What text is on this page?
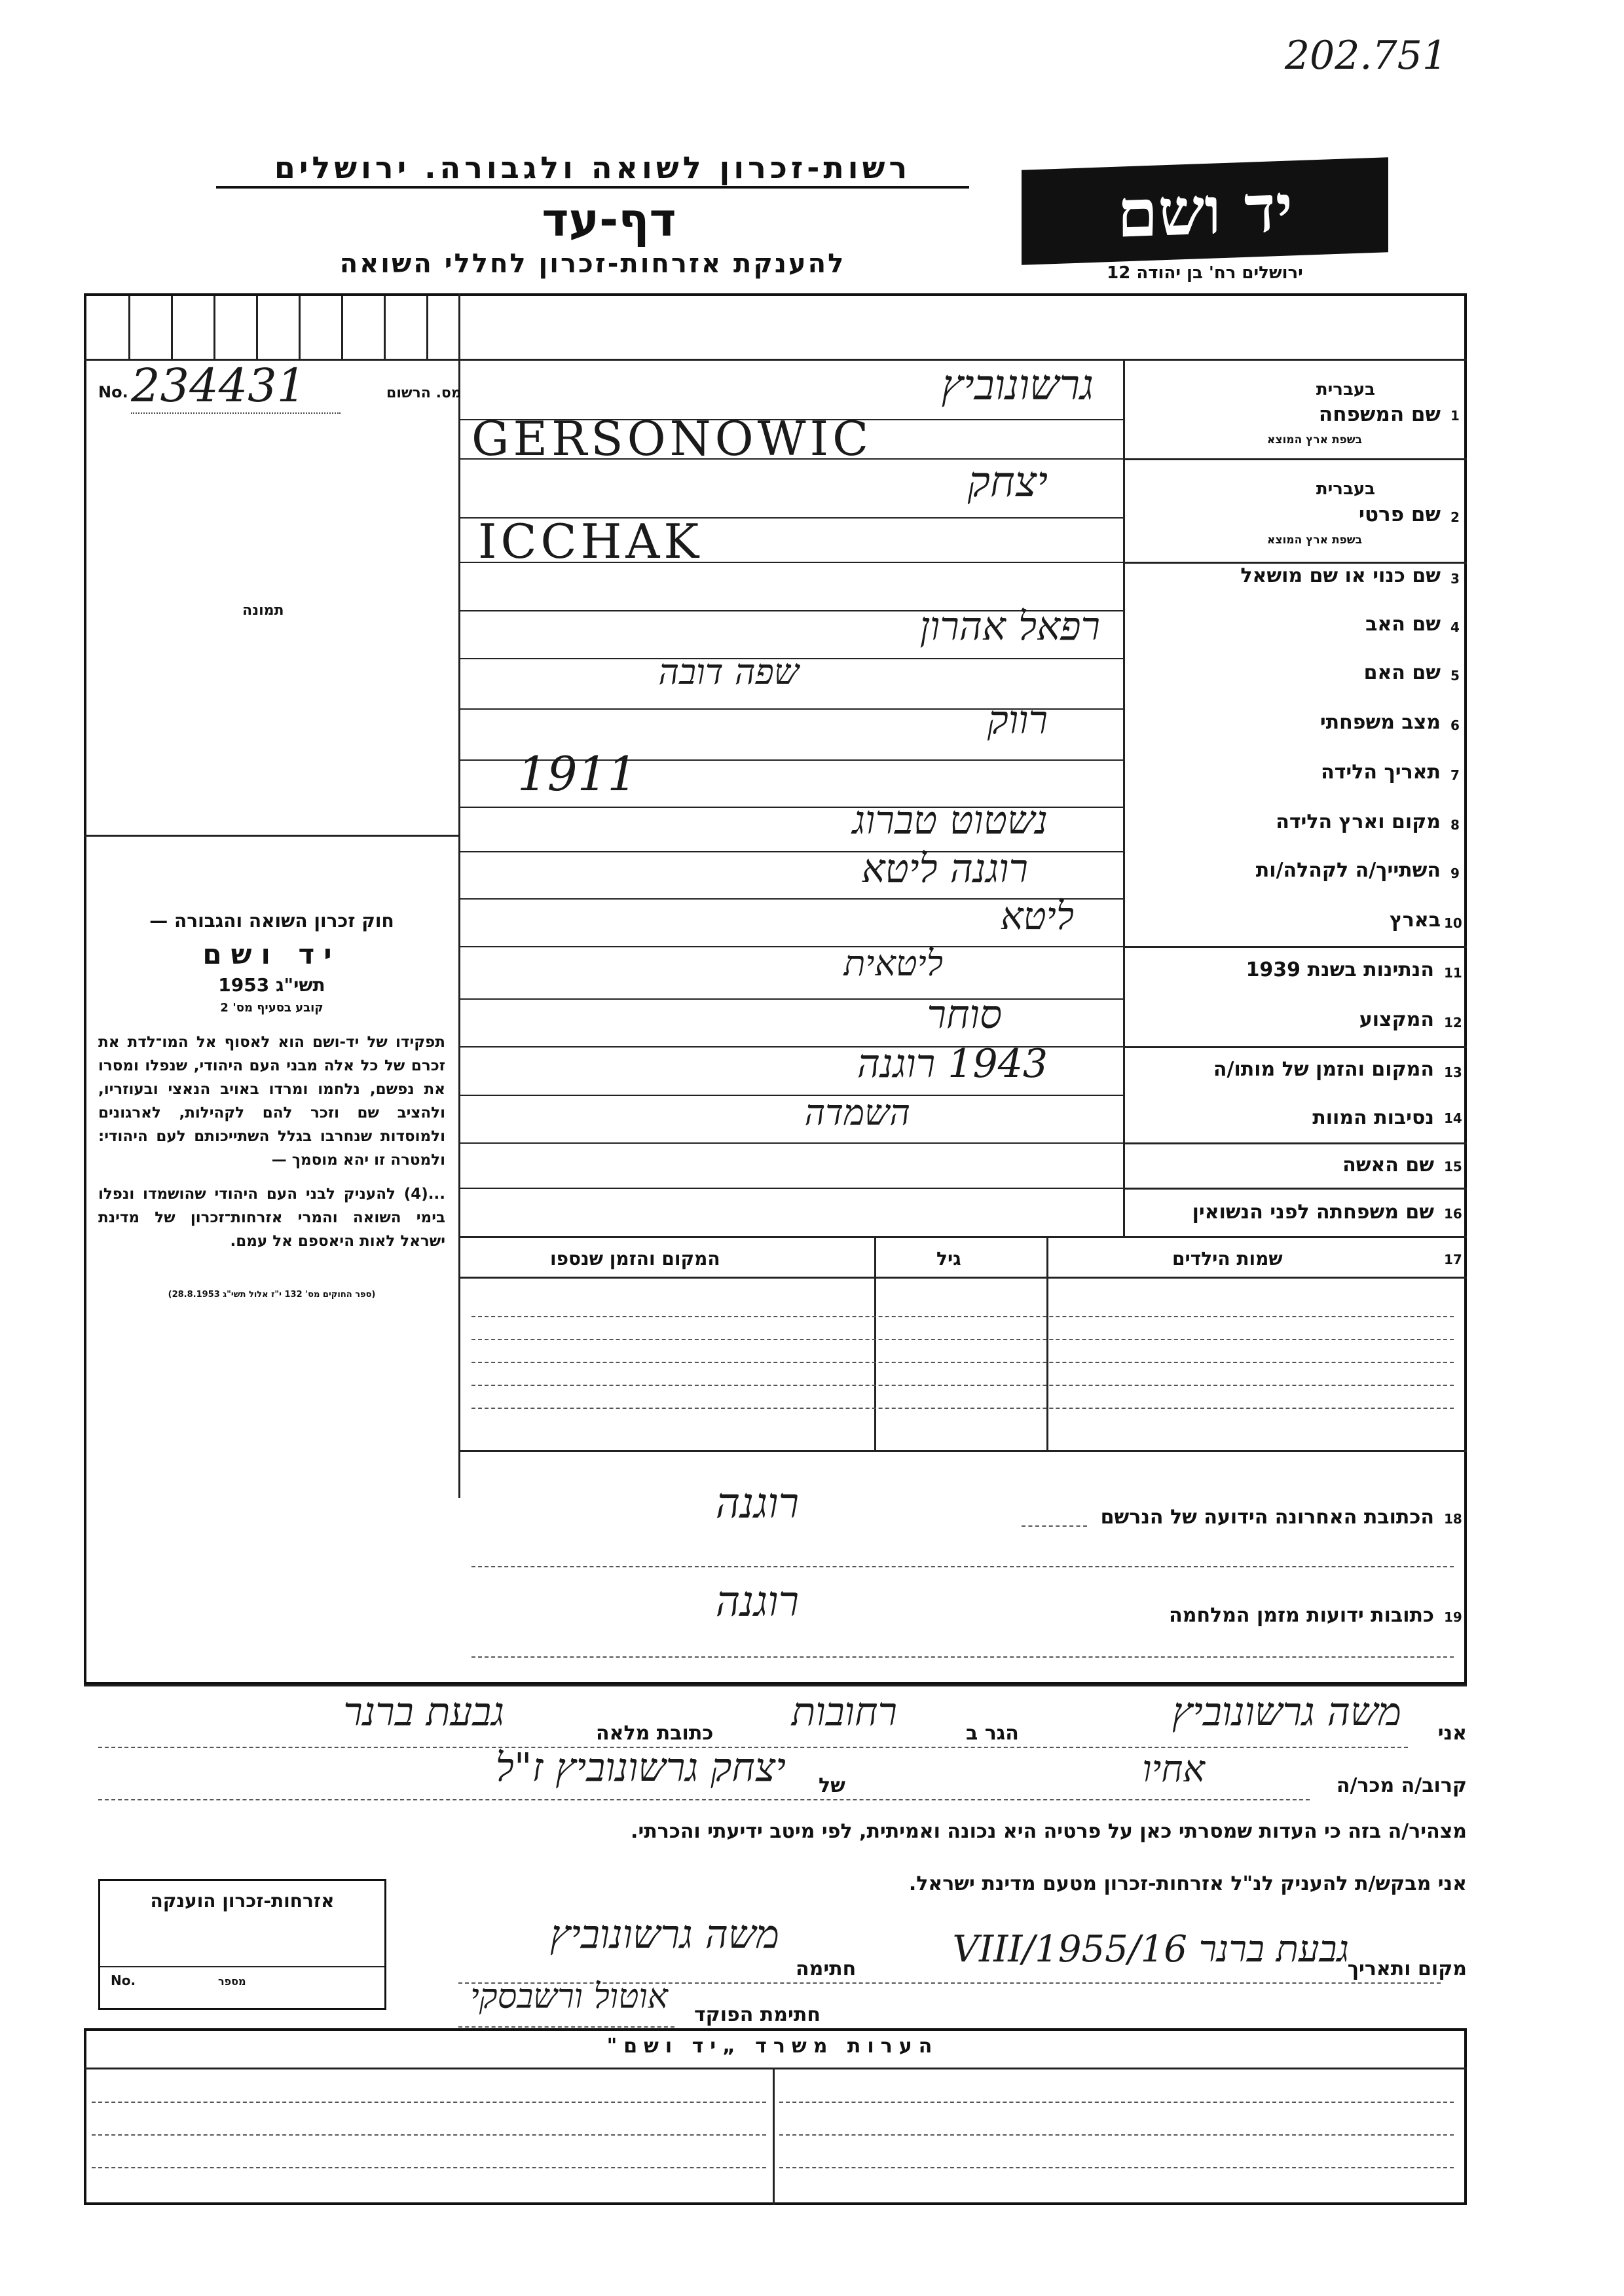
202.751
רשות-זכרון לשואה ולגבורה. ירושלים
דף-עד
להענקת אזרחות-זכרון לחללי השואה
יד ושם
ירושלים רח' בן יהודה 12
No. 234431	מס. הרשום
תמונה
חוק זכרון השואה והגבורה —
יד ושם
תשי"ג 1953
קובע בסעיף מס' 2
תפקידו של יד-ושם הוא לאסוף אל המו־לדת את זכרם של כל אלה מבני העם היהודי, שנפלו ומסרו את נפשם, נלחמו ומרדו באויב הנאצי ובעוזריו, ולהציב שם וזכר להם לקהילות, לארגונים ולמוסדות שנחרבו בגלל השתייכותם לעם היהודי: ולמטרה זו יהא מוסמך —
...(4) להעניק לבני העם היהודי שהושמדו ונפלו בימי השואה והמרי אזרחות־זכרון של מדינת ישראל לאות היאספם אל עמם.
(ספר החוקים מס' 132 י"ז אלול תשי"ג 28.8.1953)
1
שם המשפחה
בעברית
בשפת ארץ המוצא
2
שם פרטי
בעברית
בשפת ארץ המוצא
3
שם כנוי או שם מושאל
4
שם האב
5
שם האם
6
מצב משפחתי
7
תאריך הלידה
8
מקום וארץ הלידה
9
השתייך/ה לקהלה/ות
10
בארץ
11
הנתינות בשנת 1939
12
המקצוע
13
המקום והזמן של מותו/ה
14
נסיבות המוות
15
שם האשה
16
שם משפחתה לפני הנשואין
גרשונוביץ
GERSONOWIC
יצחק
ICCHAK
רפאל אהרון
שפה דובה
רווק
1911
נשטוט טברוג
רוגנה ליטא
ליטא
ליטאית
סוחר
1943 רוגנה
השמדה
17
שמות הילדים
גיל
המקום והזמן שנספו
18
הכתובת האחרונה הידועה של הנרשם
רוגנה
19
כתובות ידועות מזמן המלחמה
רוגנה
אני
משה גרשונוביץ
הגר ב
רחובות
כתובת מלאה
גבעת ברנר
קרוב/ה מכר/ה
אחיו
של
יצחק גרשונוביץ ז"ל
מצהיר/ה בזה כי העדות שמסרתי כאן על פרטיה היא נכונה ואמיתית, לפי מיטב ידיעתי והכרתי.
אני מבקש/ת להעניק לנ"ל אזרחות-זכרון מטעם מדינת ישראל.
מקום ותאריך
גבעת ברנר 16/VIII/1955
חתימה
משה גרשונוביץ
חתימת הפוקד
אוטול ורשבסקי
אזרחות-זכרון הוענקה
No.	מספר
הערות משרד „יד ושם"
